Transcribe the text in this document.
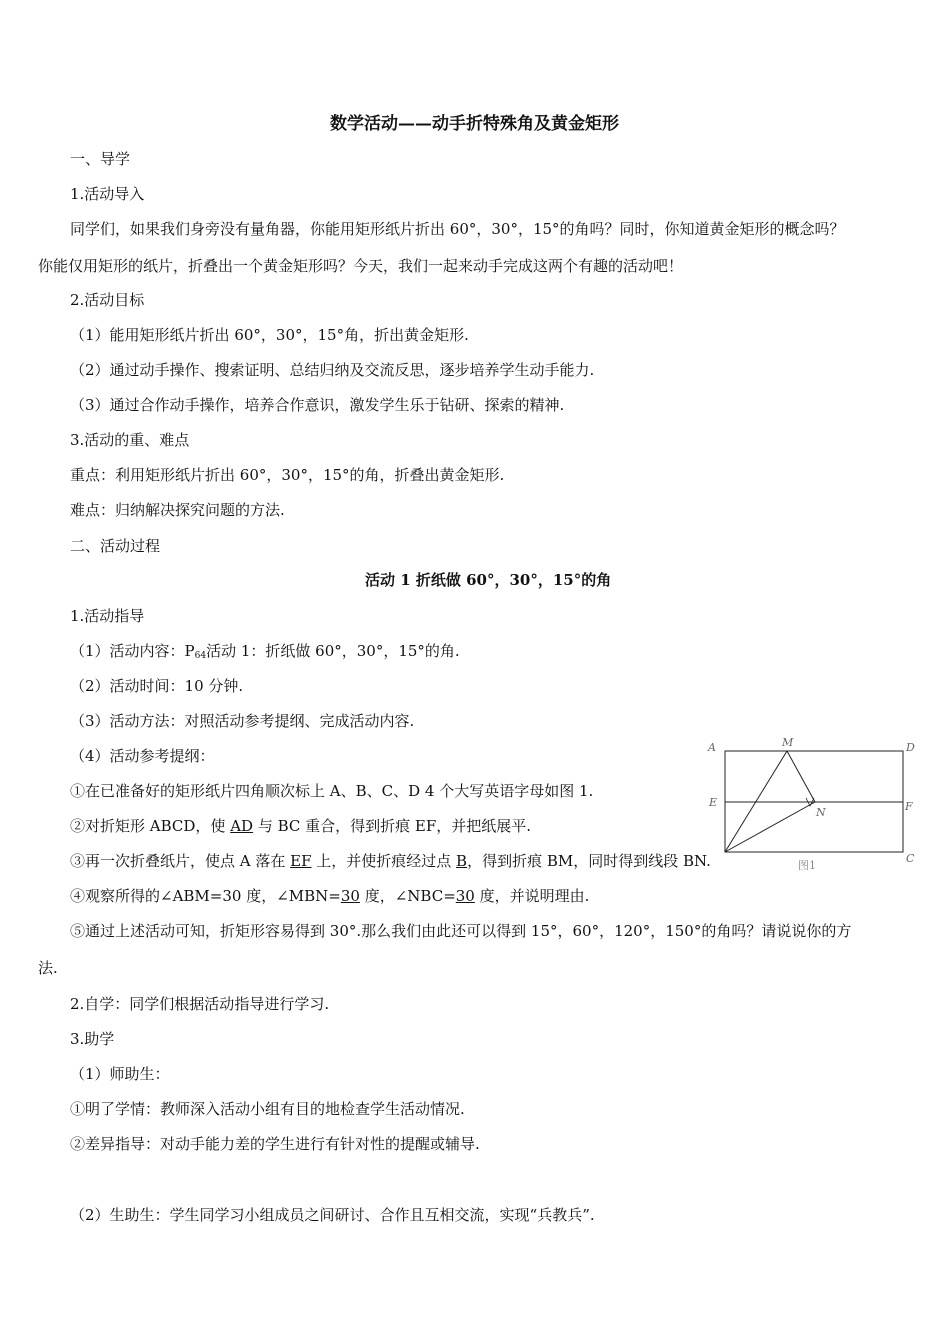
数学活动——动手折特殊角及黄金矩形
一、导学
1.活动导入
同学们，如果我们身旁没有量角器，你能用矩形纸片折出 60°，30°，15°的角吗？同时，你知道黄金矩形的概念吗？
你能仅用矩形的纸片，折叠出一个黄金矩形吗？今天，我们一起来动手完成这两个有趣的活动吧！
2.活动目标
（1）能用矩形纸片折出 60°，30°，15°角，折出黄金矩形.
（2）通过动手操作、搜索证明、总结归纳及交流反思，逐步培养学生动手能力.
（3）通过合作动手操作，培养合作意识，激发学生乐于钻研、探索的精神.
3.活动的重、难点
重点：利用矩形纸片折出 60°，30°，15°的角，折叠出黄金矩形.
难点：归纳解决探究问题的方法.
二、活动过程
活动 1 折纸做 60°，30°，15°的角
1.活动指导
（1）活动内容：$P_{64}$活动 1：折纸做 60°，30°，15°的角.
（2）活动时间：10 分钟.
（3）活动方法：对照活动参考提纲、完成活动内容.
（4）活动参考提纲：
①在已准备好的矩形纸片四角顺次标上 A、B、C、D 4 个大写英语字母如图 1.
②对折矩形 ABCD，使 AD 与 BC 重合，得到折痕 EF，并把纸展平.
③再一次折叠纸片，使点 A 落在 EF 上，并使折痕经过点 B，得到折痕 BM，同时得到线段 BN.
④观察所得的∠ABM=30 度，∠MBN=30 度，∠NBC=30 度，并说明理由.
⑤通过上述活动可知，折矩形容易得到 30°.那么我们由此还可以得到 15°，60°，120°，150°的角吗？请说说你的方
法.
2.自学：同学们根据活动指导进行学习.
3.助学
（1）师助生：
①明了学情：教师深入活动小组有目的地检查学生活动情况.
②差异指导：对动手能力差的学生进行有针对性的提醒或辅导.
（2）生助生：学生同学习小组成员之间研讨、合作且互相交流，实现“兵教兵”.
A	M	D
E	F
N
C
图1
